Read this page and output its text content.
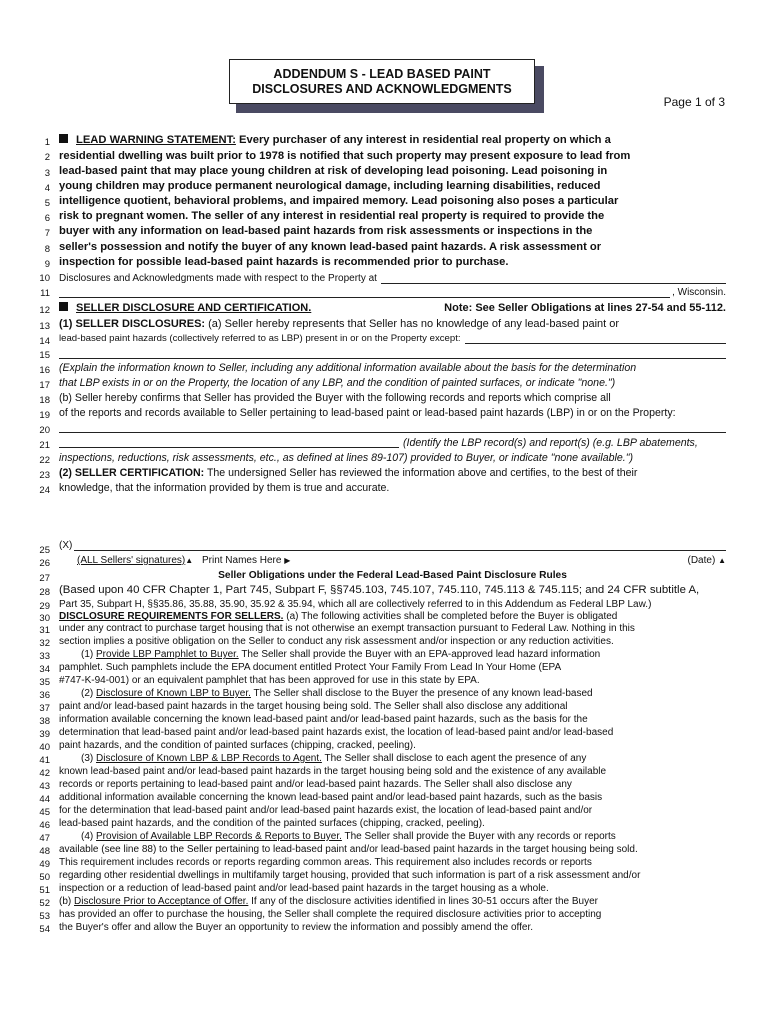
ADDENDUM S - LEAD BASED PAINT
DISCLOSURES AND ACKNOWLEDGMENTS
Page 1 of 3
1
2
3
4
5
6
7
8
9
10
11
12
13
14
15
16
17
18
19
20
21
22
23
24
25
26
27
28
29
30
31
32
33
34
35
36
37
38
39
40
41
42
43
44
45
46
47
48
49
50
51
52
53
54
LEAD WARNING STATEMENT: Every purchaser of any interest in residential real property on which a
residential dwelling was built prior to 1978 is notified that such property may present exposure to lead from
lead-based paint that may place young children at risk of developing lead poisoning. Lead poisoning in
young children may produce permanent neurological damage, including learning disabilities, reduced
intelligence quotient, behavioral problems, and impaired memory. Lead poisoning also poses a particular
risk to pregnant women. The seller of any interest in residential real property is required to provide the
buyer with any information on lead-based paint hazards from risk assessments or inspections in the
seller's possession and notify the buyer of any known lead-based paint hazards. A risk assessment or
inspection for possible lead-based paint hazards is recommended prior to purchase.
Disclosures and Acknowledgments made with respect to the Property at
, Wisconsin.
SELLER DISCLOSURE AND CERTIFICATION.	Note: See Seller Obligations at lines 27-54 and 55-112.
(1) SELLER DISCLOSURES: (a) Seller hereby represents that Seller has no knowledge of any lead-based paint or
lead-based paint hazards (collectively referred to as LBP) present in or on the Property except:
(Explain the information known to Seller, including any additional information available about the basis for the determination
that LBP exists in or on the Property, the location of any LBP, and the condition of painted surfaces, or indicate "none.")
(b) Seller hereby confirms that Seller has provided the Buyer with the following records and reports which comprise all
of the reports and records available to Seller pertaining to lead-based paint or lead-based paint hazards (LBP) in or on the Property:
(Identify the LBP record(s) and report(s) (e.g. LBP abatements,
inspections, reductions, risk assessments, etc., as defined at lines 89-107) provided to Buyer, or indicate "none available.")
(2) SELLER CERTIFICATION: The undersigned Seller has reviewed the information above and certifies, to the best of their
knowledge, that the information provided by them is true and accurate.
(X)
(ALL Sellers' signatures)▲ Print Names Here ▶	(Date) ▲
Seller Obligations under the Federal Lead-Based Paint Disclosure Rules
(Based upon 40 CFR Chapter 1, Part 745, Subpart F, §§745.103, 745.107, 745.110, 745.113 & 745.115; and 24 CFR subtitle A,
Part 35, Subpart H, §§35.86, 35.88, 35.90, 35.92 & 35.94, which all are collectively referred to in this Addendum as Federal LBP Law.)
DISCLOSURE REQUIREMENTS FOR SELLERS. (a) The following activities shall be completed before the Buyer is obligated
under any contract to purchase target housing that is not otherwise an exempt transaction pursuant to Federal Law. Nothing in this
section implies a positive obligation on the Seller to conduct any risk assessment and/or inspection or any reduction activities.
(1) Provide LBP Pamphlet to Buyer. The Seller shall provide the Buyer with an EPA-approved lead hazard information
pamphlet. Such pamphlets include the EPA document entitled Protect Your Family From Lead In Your Home (EPA
#747-K-94-001) or an equivalent pamphlet that has been approved for use in this state by EPA.
(2) Disclosure of Known LBP to Buyer. The Seller shall disclose to the Buyer the presence of any known lead-based
paint and/or lead-based paint hazards in the target housing being sold. The Seller shall also disclose any additional
information available concerning the known lead-based paint and/or lead-based paint hazards, such as the basis for the
determination that lead-based paint and/or lead-based paint hazards exist, the location of lead-based paint and/or lead-based
paint hazards, and the condition of painted surfaces (chipping, cracked, peeling).
(3) Disclosure of Known LBP & LBP Records to Agent. The Seller shall disclose to each agent the presence of any
known lead-based paint and/or lead-based paint hazards in the target housing being sold and the existence of any available
records or reports pertaining to lead-based paint and/or lead-based paint hazards. The Seller shall also disclose any
additional information available concerning the known lead-based paint and/or lead-based paint hazards, such as the basis
for the determination that lead-based paint and/or lead-based paint hazards exist, the location of lead-based paint and/or
lead-based paint hazards, and the condition of the painted surfaces (chipping, cracked, peeling).
(4) Provision of Available LBP Records & Reports to Buyer. The Seller shall provide the Buyer with any records or reports
available (see line 88) to the Seller pertaining to lead-based paint and/or lead-based paint hazards in the target housing being sold.
This requirement includes records or reports regarding common areas. This requirement also includes records or reports
regarding other residential dwellings in multifamily target housing, provided that such information is part of a risk assessment and/or
inspection or a reduction of lead-based paint and/or lead-based paint hazards in the target housing as a whole.
(b) Disclosure Prior to Acceptance of Offer. If any of the disclosure activities identified in lines 30-51 occurs after the Buyer
has provided an offer to purchase the housing, the Seller shall complete the required disclosure activities prior to accepting
the Buyer's offer and allow the Buyer an opportunity to review the information and possibly amend the offer.
